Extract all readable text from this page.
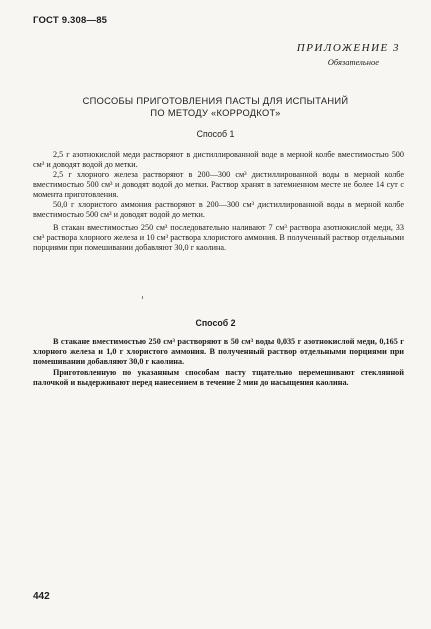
ГОСТ 9.308—85
ПРИЛОЖЕНИЕ 3
Обязательное
СПОСОБЫ ПРИГОТОВЛЕНИЯ ПАСТЫ ДЛЯ ИСПЫТАНИЙ
ПО МЕТОДУ «КОРРОДКОТ»
Способ 1

2,5 г азотнокислой меди растворяют в дистиллированной воде в мерной колбе вместимостью 500 см³ и доводят водой до метки.

2,5 г хлорного железа растворяют в 200—300 см³ дистиллированной воды в мерной колбе вместимостью 500 см³ и доводят водой до метки. Раствор хранят в затемненном месте не более 14 сут с момента приготовления.

50,0 г хлористого аммония растворяют в 200—300 см³ дистиллированной воды в мерной колбе вместимостью 500 см³ и доводят водой до метки.

В стакан вместимостью 250 см³ последовательно наливают 7 см³ раствора азотнокислой меди, 33 см³ раствора хлорного железа и 10 см³ раствора хлористого аммония. В полученный раствор отдельными порциями при помешивании добавляют 30,0 г каолина.

Способ 2

В стакане вместимостью 250 см³ растворяют в 50 см³ воды 0,035 г азотнокислой меди, 0,165 г хлорного железа и 1,0 г хлористого аммония. В полученный раствор отдельными порциями при помешивании добавляют 30,0 г каолина.

Приготовленную по указанным способам пасту тщательно перемешивают стеклянной палочкой и выдерживают перед нанесением в течение 2 мин до насыщения каолина.

442
